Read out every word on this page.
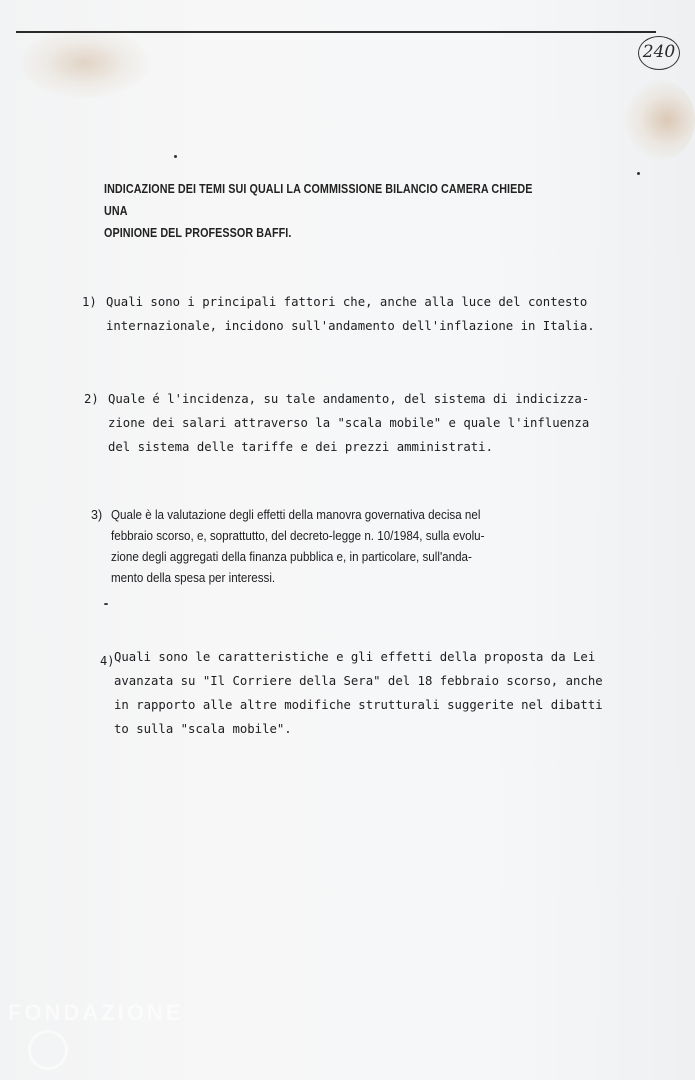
240
INDICAZIONE DEI TEMI SUI QUALI LA COMMISSIONE BILANCIO CAMERA CHIEDE UNA
OPINIONE DEL PROFESSOR BAFFI.
1) Quali sono i principali fattori che, anche alla luce del contesto
internazionale, incidono sull'andamento dell'inflazione in Italia.
2) Quale é l'incidenza, su tale andamento, del sistema di indicizza-
zione dei salari attraverso la "scala mobile" e quale l'influenza
del sistema delle tariffe e dei prezzi amministrati.
3) Quale è la valutazione degli effetti della manovra governativa decisa nel
febbraio scorso, e, soprattutto, del decreto-legge n. 10/1984, sulla evolu-
zione degli aggregati della finanza pubblica e, in particolare, sull'anda-
mento della spesa per interessi.
4) Quali sono le caratteristiche e gli effetti della proposta da Lei
avanzata su "Il Corriere della Sera" del 18 febbraio scorso, anche
in rapporto alle altre modifiche strutturali suggerite nel dibatti
to sulla "scala mobile".
FONDAZIONE
